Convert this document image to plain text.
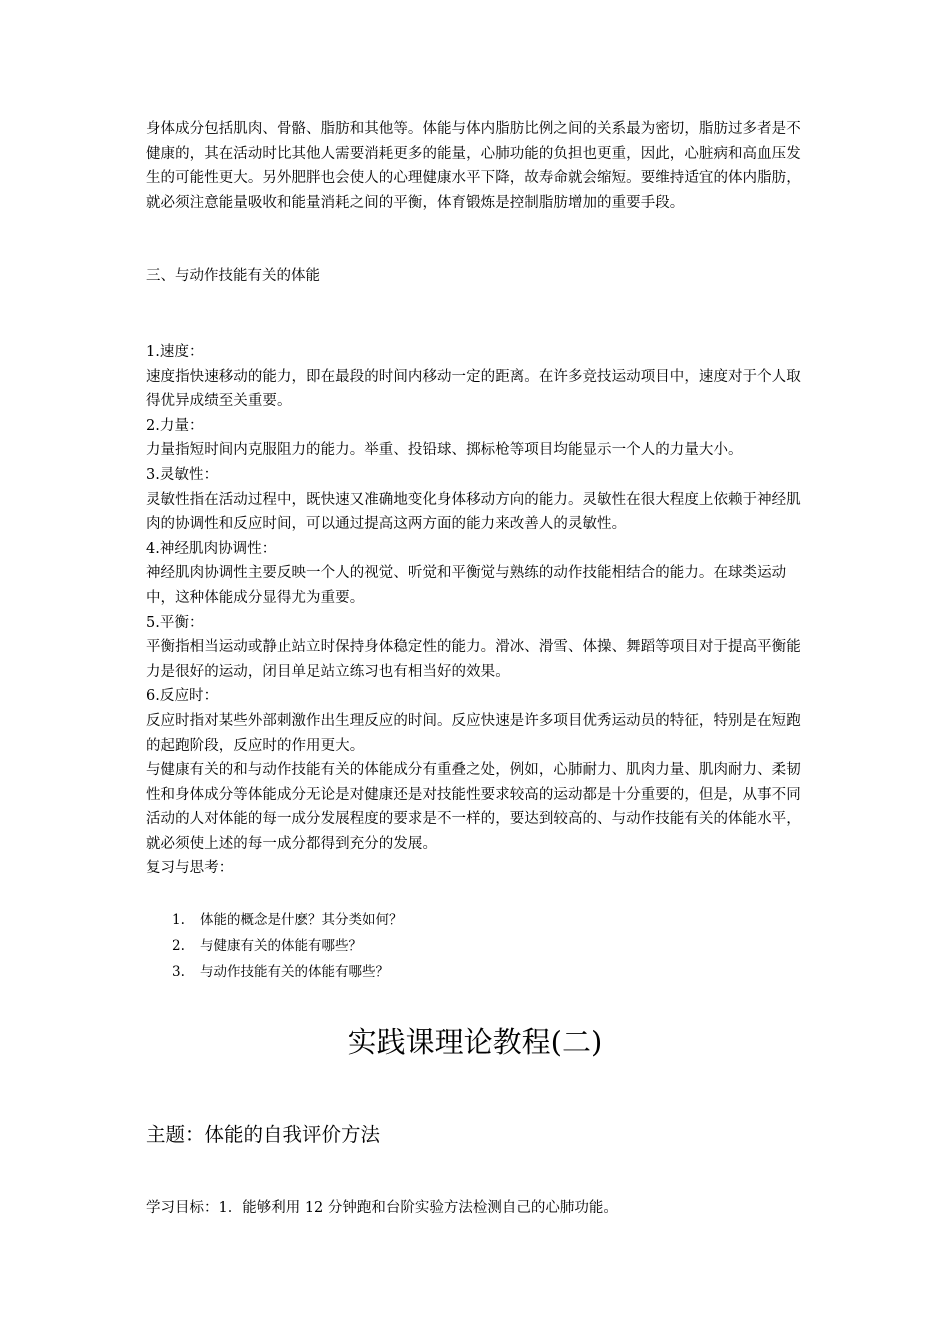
身体成分包括肌肉、骨骼、脂肪和其他等。体能与体内脂肪比例之间的关系最为密切，脂肪过多者是不健康的，其在活动时比其他人需要消耗更多的能量，心肺功能的负担也更重，因此，心脏病和高血压发生的可能性更大。另外肥胖也会使人的心理健康水平下降，故寿命就会缩短。要维持适宜的体内脂肪，就必须注意能量吸收和能量消耗之间的平衡，体育锻炼是控制脂肪增加的重要手段。
三、与动作技能有关的体能

1.速度：

速度指快速移动的能力，即在最段的时间内移动一定的距离。在许多竞技运动项目中，速度对于个人取得优异成绩至关重要。

2.力量：

力量指短时间内克服阻力的能力。举重、投铅球、掷标枪等项目均能显示一个人的力量大小。

3.灵敏性：

灵敏性指在活动过程中，既快速又准确地变化身体移动方向的能力。灵敏性在很大程度上依赖于神经肌肉的协调性和反应时间，可以通过提高这两方面的能力来改善人的灵敏性。

4.神经肌肉协调性：

神经肌肉协调性主要反映一个人的视觉、听觉和平衡觉与熟练的动作技能相结合的能力。在球类运动中，这种体能成分显得尤为重要。

5.平衡：

平衡指相当运动或静止站立时保持身体稳定性的能力。滑冰、滑雪、体操、舞蹈等项目对于提高平衡能力是很好的运动，闭目单足站立练习也有相当好的效果。

6.反应时：

反应时指对某些外部刺激作出生理反应的时间。反应快速是许多项目优秀运动员的特征，特别是在短跑的起跑阶段，反应时的作用更大。

与健康有关的和与动作技能有关的体能成分有重叠之处，例如，心肺耐力、肌肉力量、肌肉耐力、柔韧性和身体成分等体能成分无论是对健康还是对技能性要求较高的运动都是十分重要的，但是，从事不同活动的人对体能的每一成分发展程度的要求是不一样的，要达到较高的、与动作技能有关的体能水平，就必须使上述的每一成分都得到充分的发展。

复习与思考：

1.	体能的概念是什麽？其分类如何？
2.	与健康有关的体能有哪些？
3.	与动作技能有关的体能有哪些？
实践课理论教程(二)
主题：体能的自我评价方法
学习目标：1．能够利用 12 分钟跑和台阶实验方法检测自己的心肺功能。
